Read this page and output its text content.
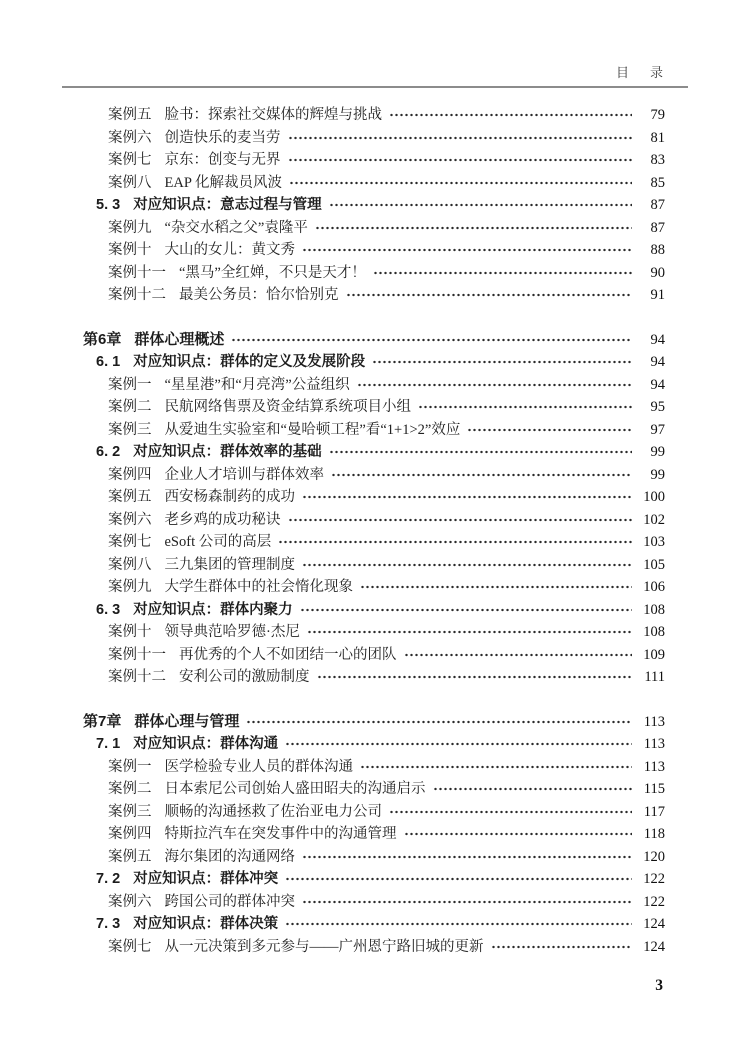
目　录
案例五 脸书：探索社交媒体的辉煌与挑战	79
案例六 创造快乐的麦当劳	81
案例七 京东：创变与无界	83
案例八 EAP 化解裁员风波	85
5. 3 对应知识点：意志过程与管理	87
案例九 “杂交水稻之父”袁隆平	87
案例十 大山的女儿：黄文秀	88
案例十一 “黑马”全红婵，不只是天才！	90
案例十二 最美公务员：恰尔恰别克	91
第6章 群体心理概述	94
6. 1 对应知识点：群体的定义及发展阶段	94
案例一 “星星港”和“月亮湾”公益组织	94
案例二 民航网络售票及资金结算系统项目小组	95
案例三 从爱迪生实验室和“曼哈顿工程”看“1+1>2”效应	97
6. 2 对应知识点：群体效率的基础	99
案例四 企业人才培训与群体效率	99
案例五 西安杨森制药的成功	100
案例六 老乡鸡的成功秘诀	102
案例七 eSoft 公司的高层	103
案例八 三九集团的管理制度	105
案例九 大学生群体中的社会惰化现象	106
6. 3 对应知识点：群体内聚力	108
案例十 领导典范哈罗德·杰尼	108
案例十一 再优秀的个人不如团结一心的团队	109
案例十二 安利公司的激励制度	111
第7章 群体心理与管理	113
7. 1 对应知识点：群体沟通	113
案例一 医学检验专业人员的群体沟通	113
案例二 日本索尼公司创始人盛田昭夫的沟通启示	115
案例三 顺畅的沟通拯救了佐治亚电力公司	117
案例四 特斯拉汽车在突发事件中的沟通管理	118
案例五 海尔集团的沟通网络	120
7. 2 对应知识点：群体冲突	122
案例六 跨国公司的群体冲突	122
7. 3 对应知识点：群体决策	124
案例七 从一元决策到多元参与——广州恩宁路旧城的更新	124
3
